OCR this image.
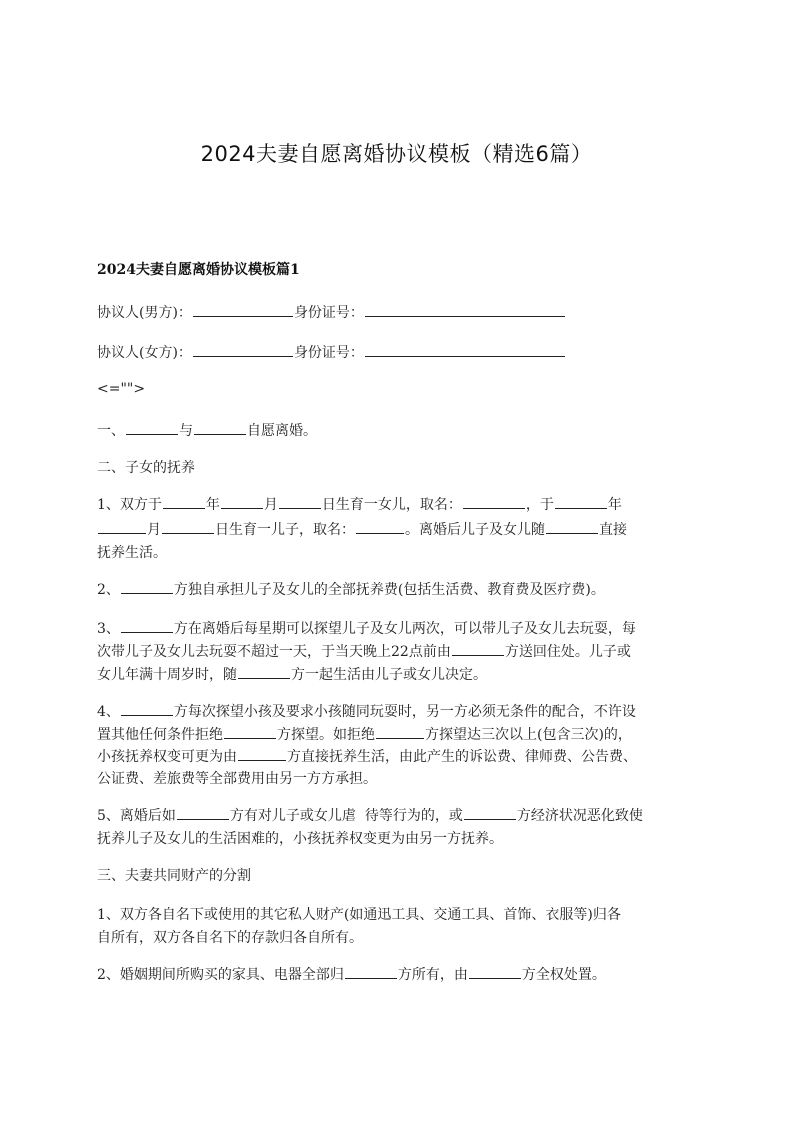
2024夫妻自愿离婚协议模板（精选6篇）
2024夫妻自愿离婚协议模板篇1
协议人(男方)：	身份证号：
协议人(女方)：	身份证号：
<="">
一、	与	自愿离婚。
二、子女的抚养
1、双方于	年	月	日生育一女儿，取名：	，于	年
月	日生育一儿子，取名：	。离婚后儿子及女儿随	直接
抚养生活。
2、	方独自承担儿子及女儿的全部抚养费(包括生活费、教育费及医疗费)。
3、	方在离婚后每星期可以探望儿子及女儿两次，可以带儿子及女儿去玩耍，每
次带儿子及女儿去玩耍不超过一天，于当天晚上22点前由	方送回住处。儿子或
女儿年满十周岁时，随	方一起生活由儿子或女儿决定。
4、	方每次探望小孩及要求小孩随同玩耍时，另一方必须无条件的配合，不许设
置其他任何条件拒绝	方探望。如拒绝	方探望达三次以上(包含三次)的，
小孩抚养权变可更为由	方直接抚养生活，由此产生的诉讼费、律师费、公告费、
公证费、差旅费等全部费用由另一方方承担。
5、离婚后如	方有对儿子或女儿虐  待等行为的，或	方经济状况恶化致使
抚养儿子及女儿的生活困难的，小孩抚养权变更为由另一方抚养。
三、夫妻共同财产的分割
1、双方各自名下或使用的其它私人财产(如通迅工具、交通工具、首饰、衣服等)归各
自所有，双方各自名下的存款归各自所有。
2、婚姻期间所购买的家具、电器全部归	方所有，由	方全权处置。
